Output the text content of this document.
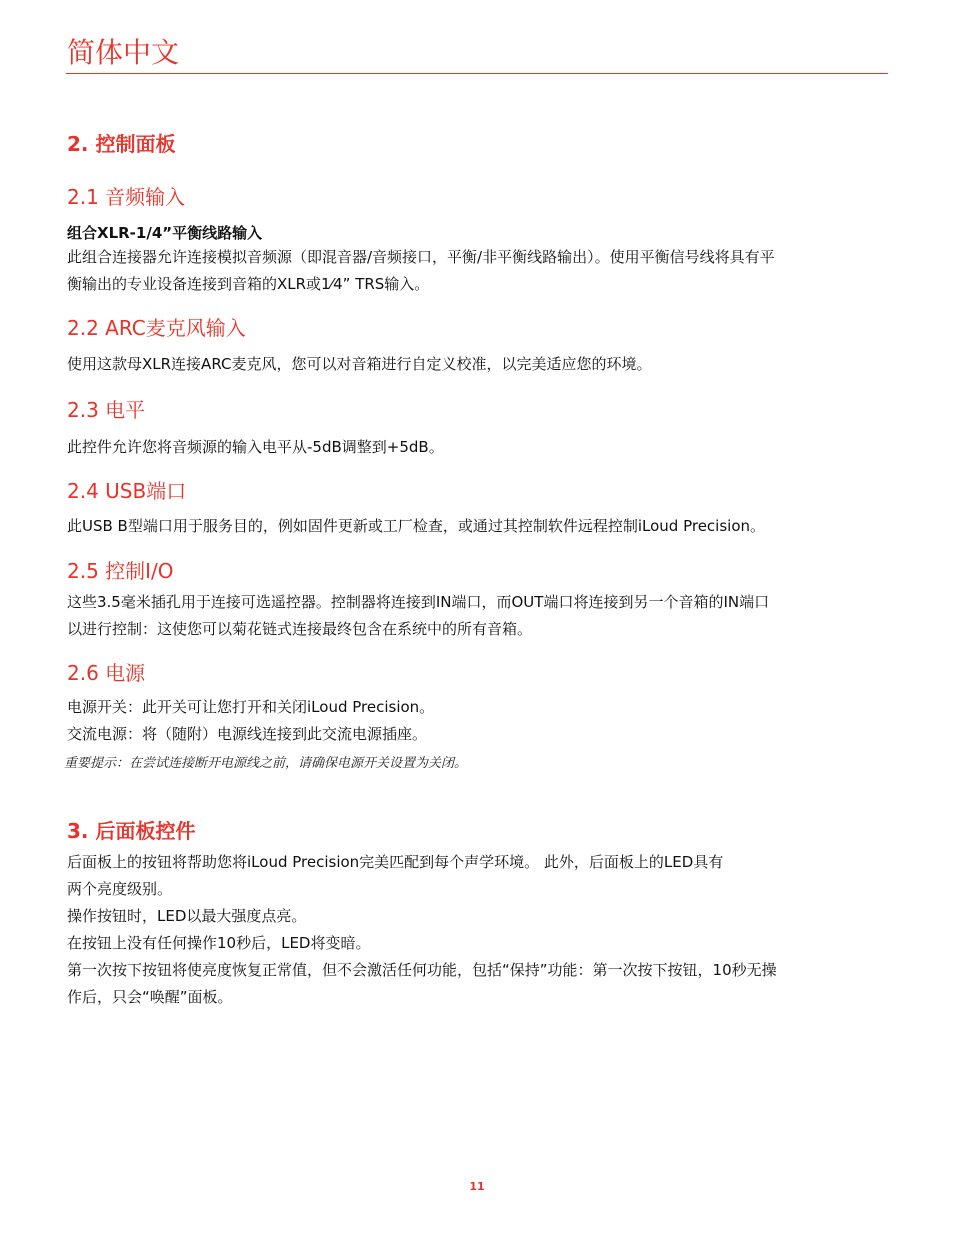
简体中文
2. 控制面板
2.1 音频输入
组合XLR-1/4”平衡线路输入
此组合连接器允许连接模拟音频源（即混音器/音频接口，平衡/非平衡线路输出）。使用平衡信号线将具有平
衡输出的专业设备连接到音箱的XLR或1⁄4” TRS输入。
2.2 ARC麦克风输入
使用这款母XLR连接ARC麦克风，您可以对音箱进行自定义校准，以完美适应您的环境。
2.3 电平
此控件允许您将音频源的输入电平从-5dB调整到+5dB。
2.4 USB端口
此USB B型端口用于服务目的，例如固件更新或工厂检查，或通过其控制软件远程控制iLoud Precision。
2.5 控制I/O
这些3.5毫米插孔用于连接可选遥控器。控制器将连接到IN端口，而OUT端口将连接到另一个音箱的IN端口
以进行控制：这使您可以菊花链式连接最终包含在系统中的所有音箱。
2.6 电源
电源开关：此开关可让您打开和关闭iLoud Precision。
交流电源：将（随附）电源线连接到此交流电源插座。
重要提示：在尝试连接断开电源线之前，请确保电源开关设置为关闭。
3. 后面板控件
后面板上的按钮将帮助您将iLoud Precision完美匹配到每个声学环境。 此外，后面板上的LED具有
两个亮度级别。
操作按钮时，LED以最大强度点亮。
在按钮上没有任何操作10秒后，LED将变暗。
第一次按下按钮将使亮度恢复正常值，但不会激活任何功能，包括“保持”功能：第一次按下按钮，10秒无操
作后，只会“唤醒”面板。
11
